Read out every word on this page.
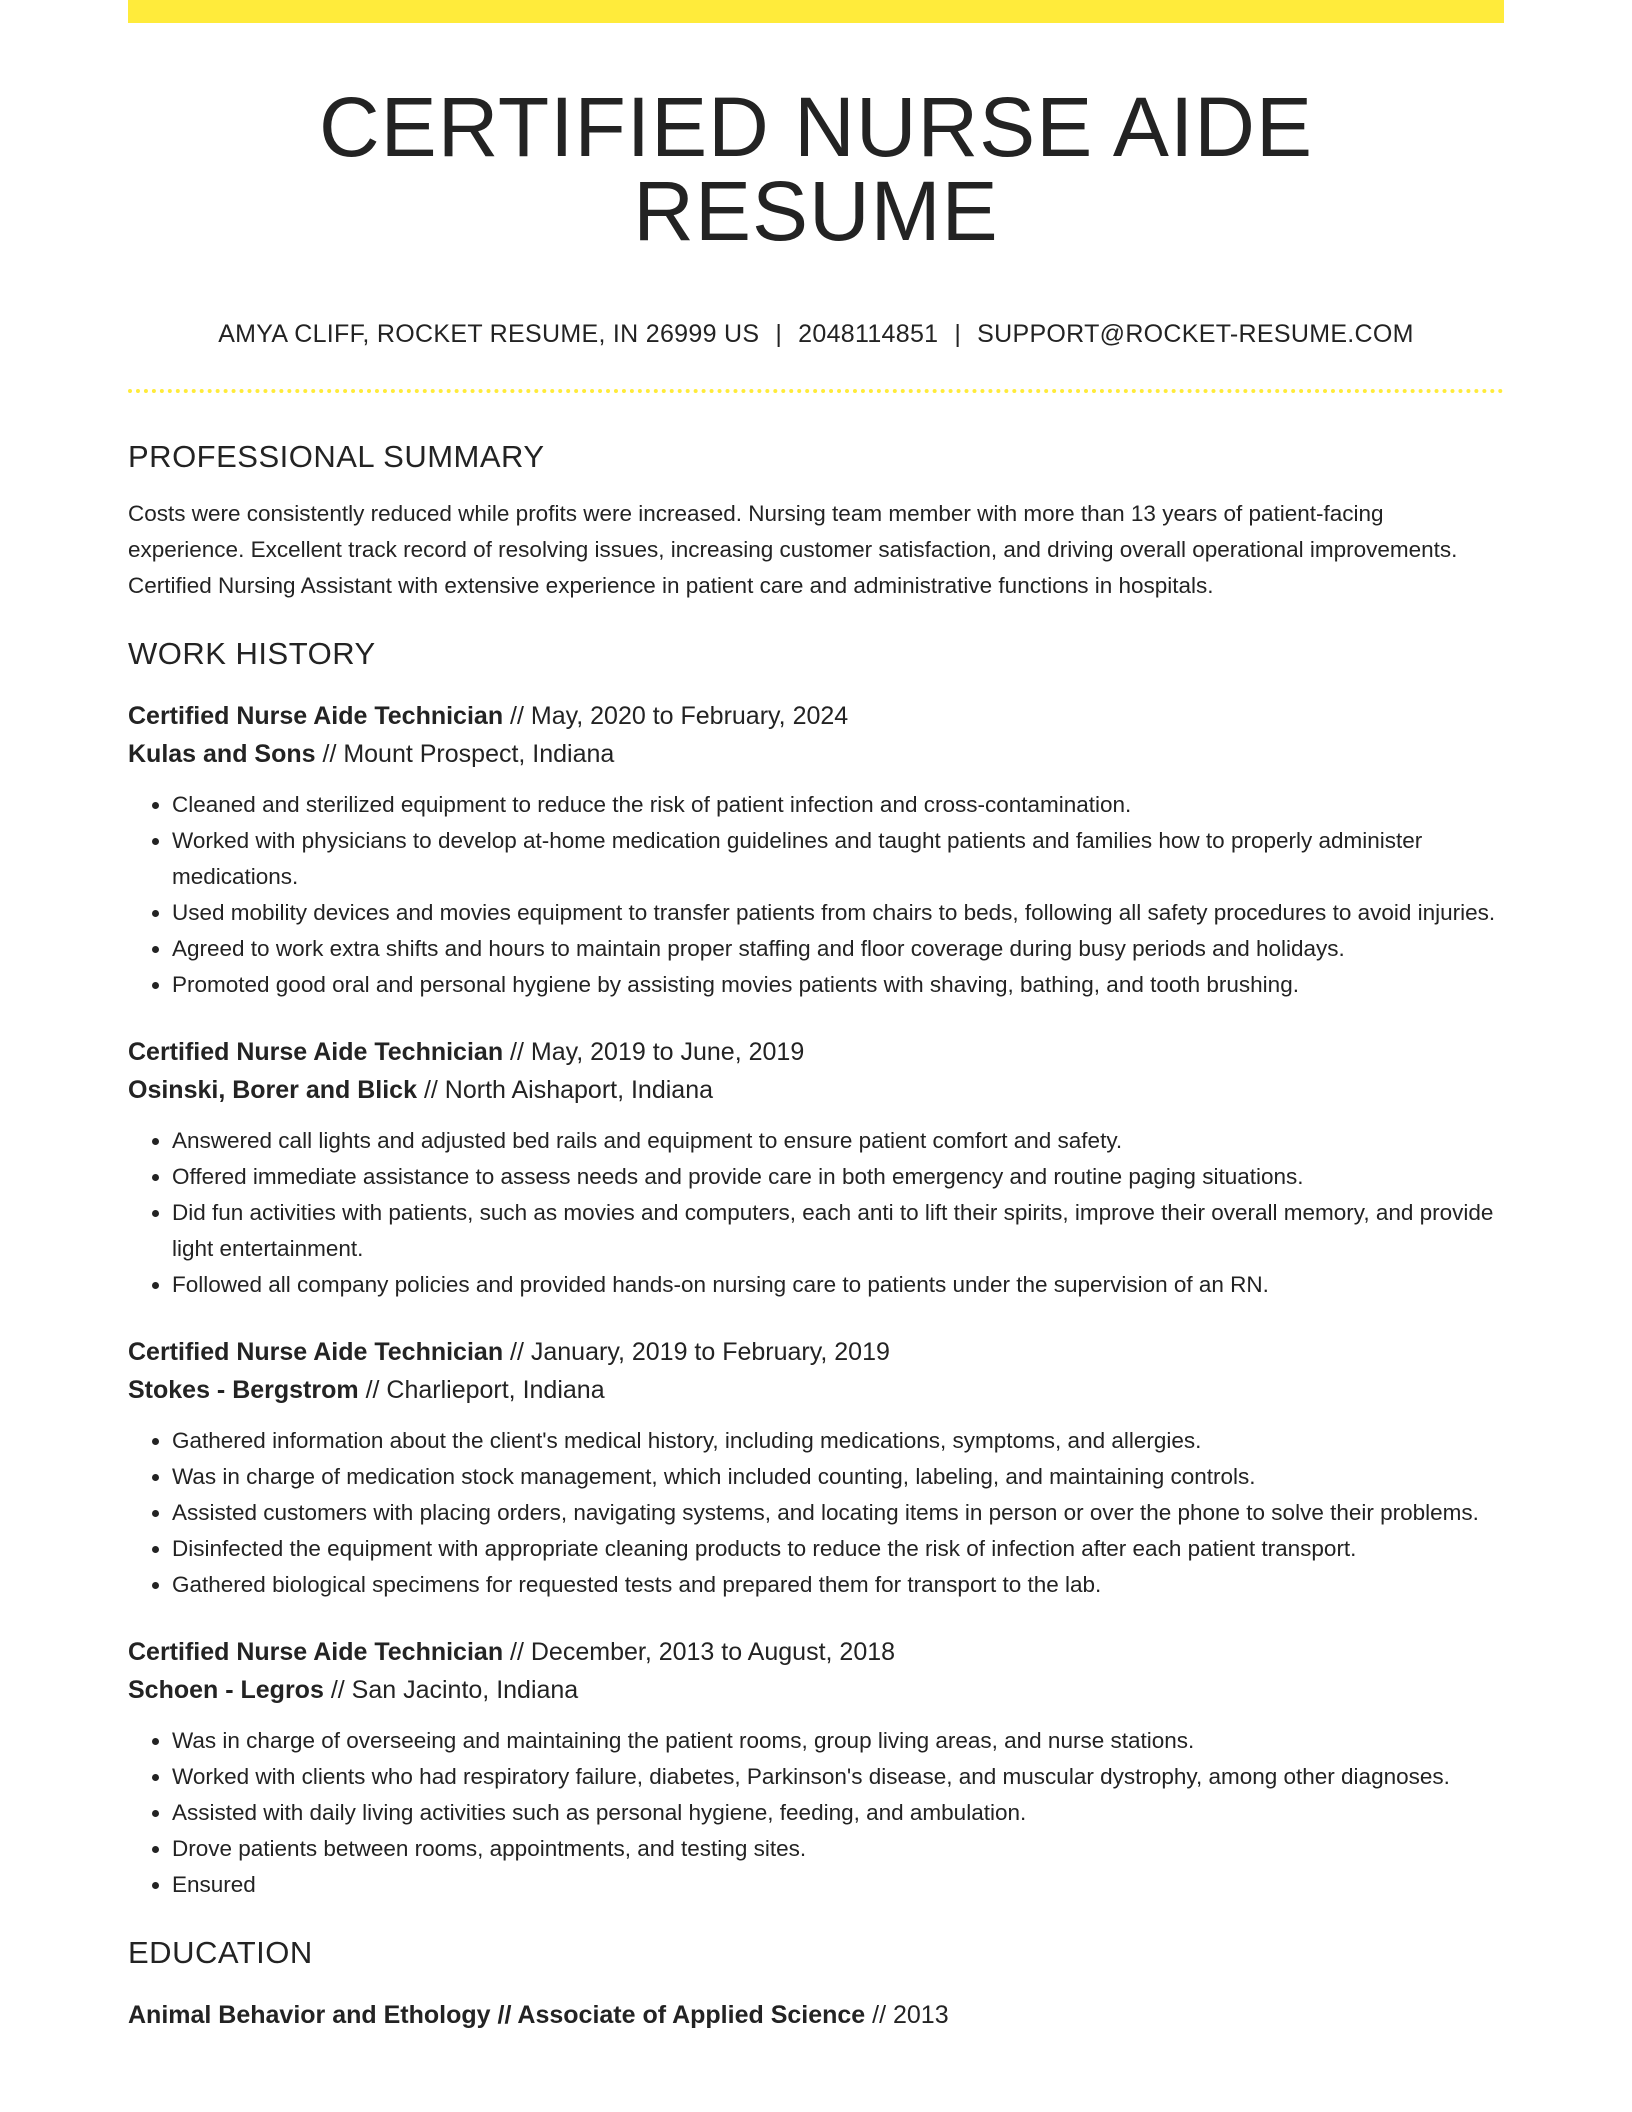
CERTIFIED NURSE AIDE RESUME
AMYA CLIFF, ROCKET RESUME, IN 26999 US | 2048114851 | SUPPORT@ROCKET-RESUME.COM
PROFESSIONAL SUMMARY

Costs were consistently reduced while profits were increased. Nursing team member with more than 13 years of patient-facing experience. Excellent track record of resolving issues, increasing customer satisfaction, and driving overall operational improvements. Certified Nursing Assistant with extensive experience in patient care and administrative functions in hospitals.

WORK HISTORY
Certified Nurse Aide Technician // May, 2020 to February, 2024
Kulas and Sons // Mount Prospect, Indiana
• Cleaned and sterilized equipment to reduce the risk of patient infection and cross-contamination.
• Worked with physicians to develop at-home medication guidelines and taught patients and families how to properly administer medications.
• Used mobility devices and movies equipment to transfer patients from chairs to beds, following all safety procedures to avoid injuries.
• Agreed to work extra shifts and hours to maintain proper staffing and floor coverage during busy periods and holidays.
• Promoted good oral and personal hygiene by assisting movies patients with shaving, bathing, and tooth brushing.
Certified Nurse Aide Technician // May, 2019 to June, 2019
Osinski, Borer and Blick // North Aishaport, Indiana
• Answered call lights and adjusted bed rails and equipment to ensure patient comfort and safety.
• Offered immediate assistance to assess needs and provide care in both emergency and routine paging situations.
• Did fun activities with patients, such as movies and computers, each anti to lift their spirits, improve their overall memory, and provide light entertainment.
• Followed all company policies and provided hands-on nursing care to patients under the supervision of an RN.
Certified Nurse Aide Technician // January, 2019 to February, 2019
Stokes - Bergstrom // Charlieport, Indiana
• Gathered information about the client's medical history, including medications, symptoms, and allergies.
• Was in charge of medication stock management, which included counting, labeling, and maintaining controls.
• Assisted customers with placing orders, navigating systems, and locating items in person or over the phone to solve their problems.
• Disinfected the equipment with appropriate cleaning products to reduce the risk of infection after each patient transport.
• Gathered biological specimens for requested tests and prepared them for transport to the lab.
Certified Nurse Aide Technician // December, 2013 to August, 2018
Schoen - Legros // San Jacinto, Indiana
• Was in charge of overseeing and maintaining the patient rooms, group living areas, and nurse stations.
• Worked with clients who had respiratory failure, diabetes, Parkinson's disease, and muscular dystrophy, among other diagnoses.
• Assisted with daily living activities such as personal hygiene, feeding, and ambulation.
• Drove patients between rooms, appointments, and testing sites.
• Ensured
EDUCATION
Animal Behavior and Ethology // Associate of Applied Science // 2013
